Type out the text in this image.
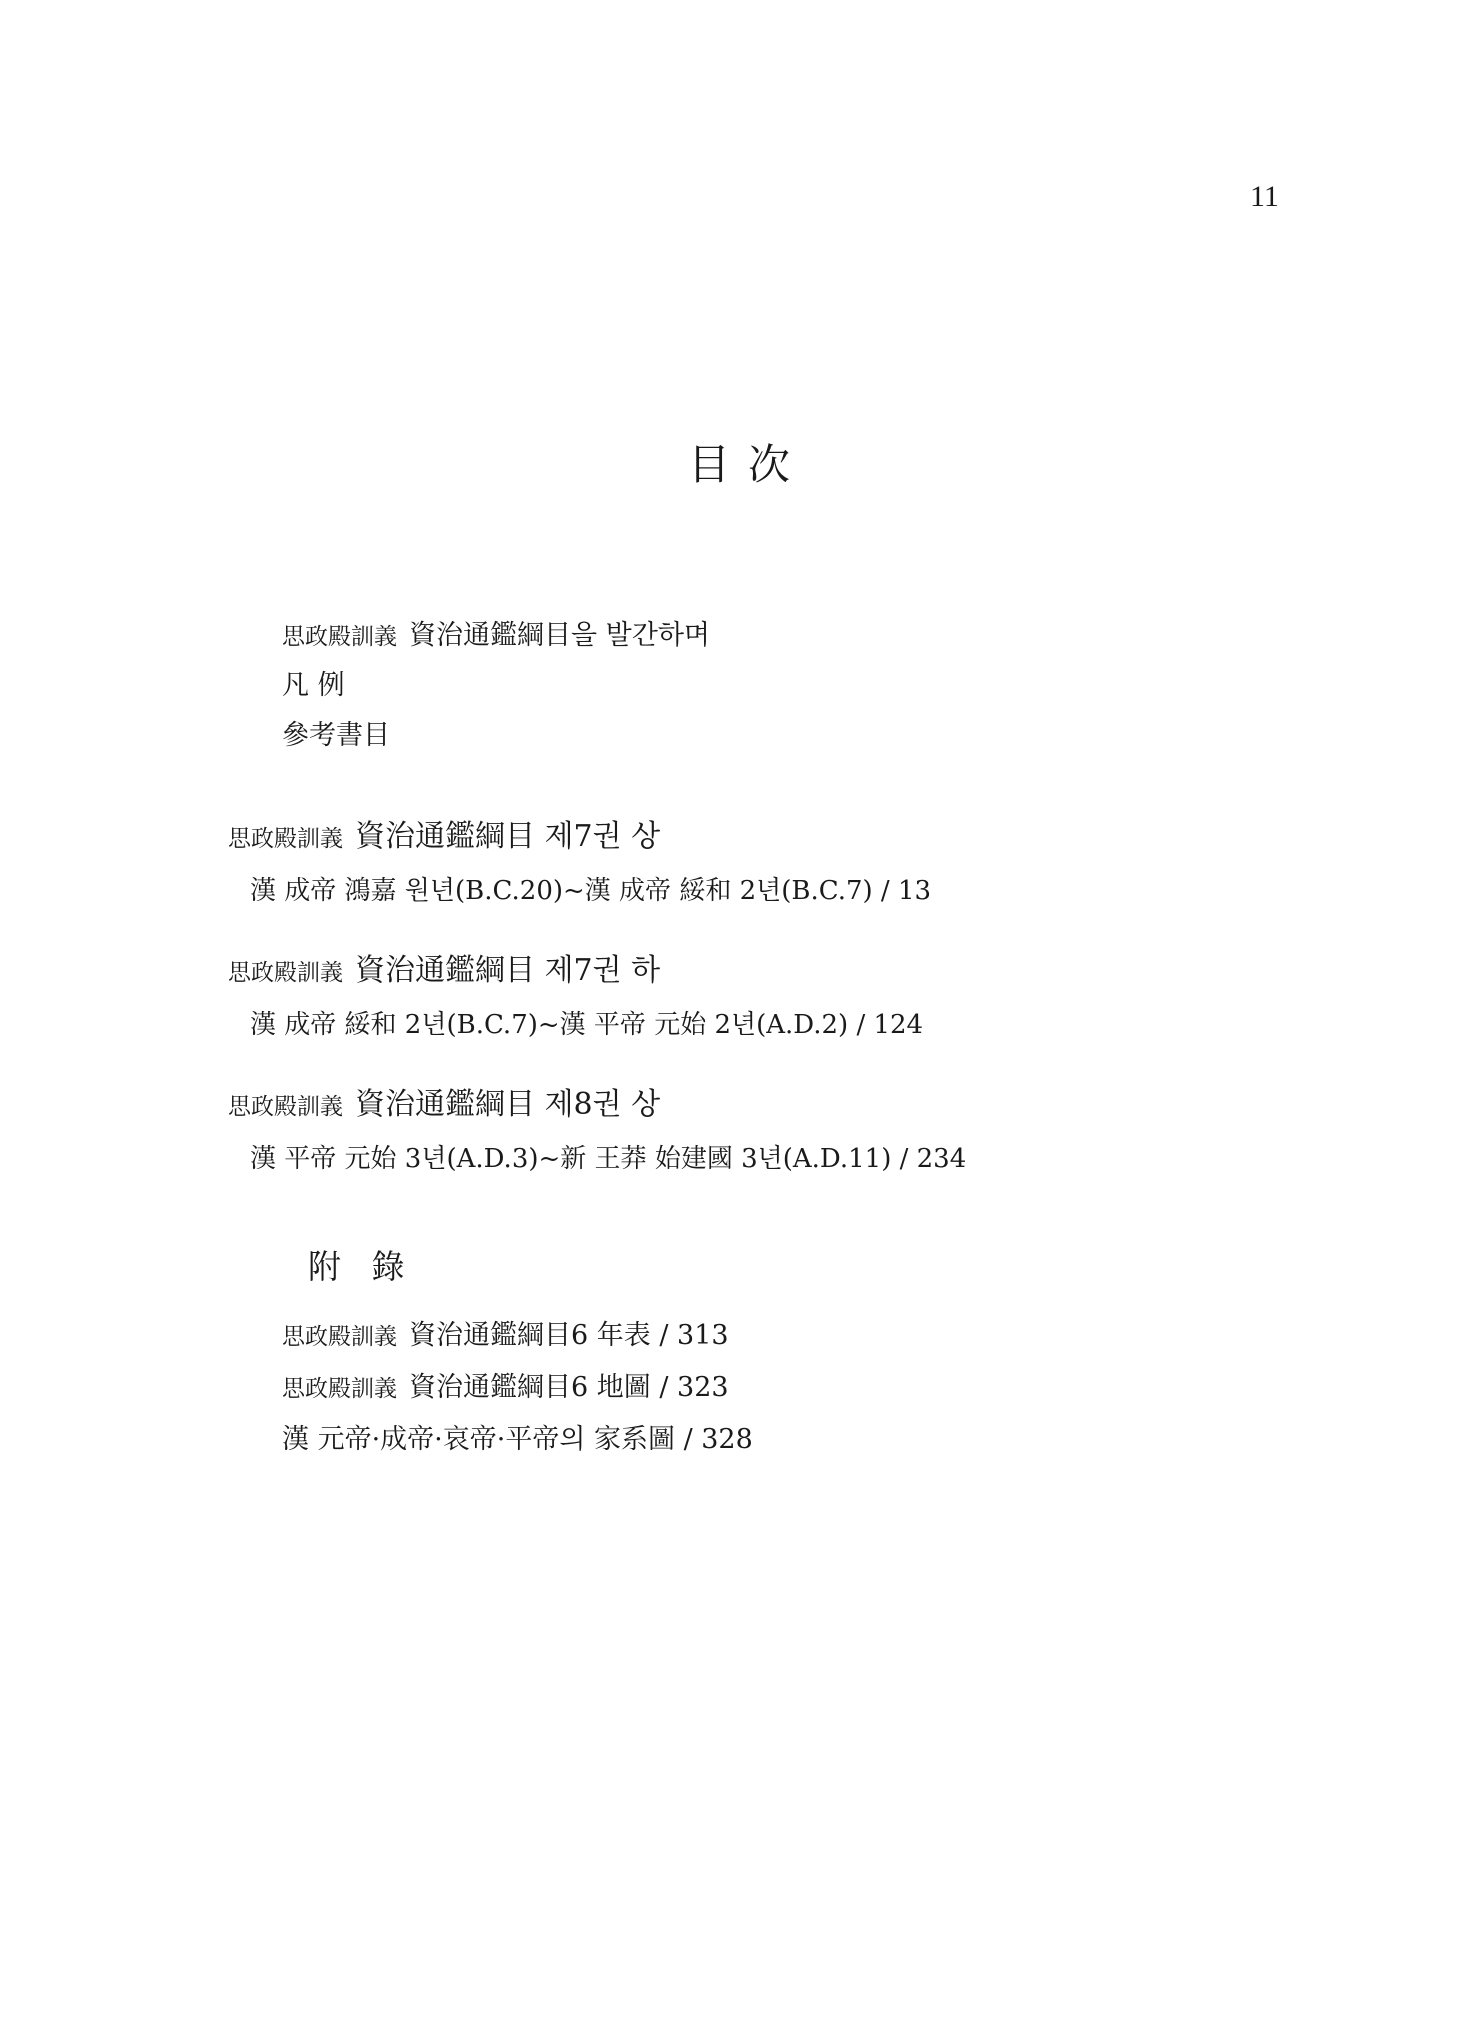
11
目次
思政殿訓義 資治通鑑綱目을 발간하며
凡 例
參考書目
思政殿訓義 資治通鑑綱目 제7권 상
漢 成帝 鴻嘉 원년(B.C.20)~漢 成帝 綏和 2년(B.C.7) / 13
思政殿訓義 資治通鑑綱目 제7권 하
漢 成帝 綏和 2년(B.C.7)~漢 平帝 元始 2년(A.D.2) / 124
思政殿訓義 資治通鑑綱目 제8권 상
漢 平帝 元始 3년(A.D.3)~新 王莽 始建國 3년(A.D.11) / 234
附 錄
思政殿訓義 資治通鑑綱目6 年表 / 313
思政殿訓義 資治通鑑綱目6 地圖 / 323
漢 元帝·成帝·哀帝·平帝의 家系圖 / 328
